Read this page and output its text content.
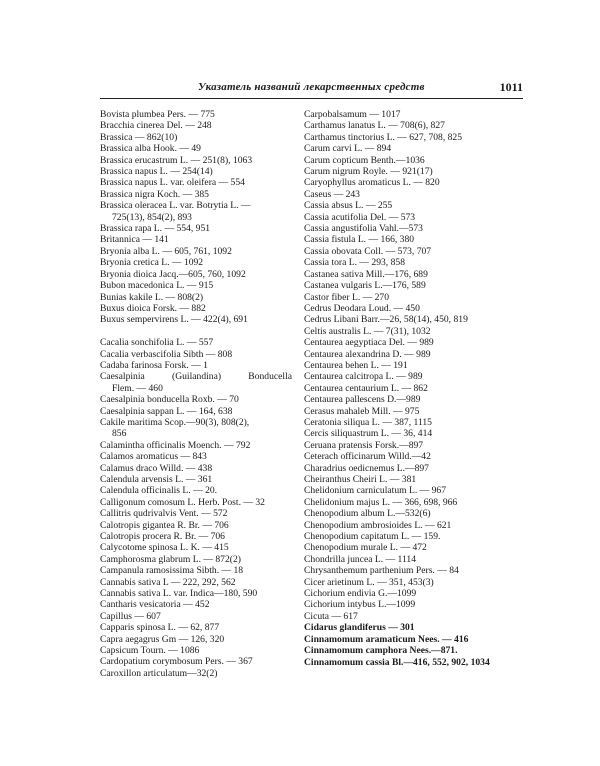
Указатель названий лекарственных средств	1011
Bovista plumbea Pers. — 775
Bracchia cinerea Del. — 248
Brassica — 862(10)
Brassica alba Hook. — 49
Brassica erucastrum L. — 251(8), 1063
Brassica napus L. — 254(14)
Brassica napus L. var. oleifera — 554
Brassica nigra Koch. — 385
Brassica oleracea L. var. Botrytia L. —
725(13), 854(2), 893
Brassica rapa L. — 554, 951
Britannica — 141
Bryonia alba L. — 605, 761, 1092
Bryonia cretica L. — 1092
Bryonia dioica Jacq.—605, 760, 1092
Bubon macedonica L. — 915
Bunias kakile L. — 808(2)
Buxus dioica Forsk. — 882
Buxus sempervirens L. — 422(4), 691
Cacalia sonchifolia L. — 557
Cacalia verbascifolia Sibth — 808
Cadaba farinosa Forsk. — 1
Caesalpinia	(Guilandina)	Bonducella
Flem. — 460
Caesalpinia bonducella Roxb. — 70
Caesalpinia sappan L. — 164, 638
Cakile maritima Scop.—90(3), 808(2),
856
Calamintha officinalis Moench. — 792
Calamos aromaticus — 843
Calamus draco Willd. — 438
Calendula arvensis L. — 361
Calendula officinalis L. — 20.
Calligonum comosum L. Herb. Post. — 32
Callitris qudrivalvis Vent. — 572
Calotropis gigantea R. Br. — 706
Calotropis procera R. Br. — 706
Calycotome spinosa L. K. — 415
Camphorosma glabrum L. — 872(2)
Campanula ramosissima Sibth. — 18
Cannabis sativa L — 222, 292, 562
Cannabis sativa L. var. Indica—180, 590
Cantharis vesicatoria — 452
Capillus — 607
Capparis spinosa L. — 62, 877
Capra aegagrus Gm — 126, 320
Capsicum Tourn. — 1086
Cardopatium corymbosum Pers. — 367
Caroxillon articulatum—32(2)
Carpobalsamum — 1017
Carthamus lanatus L. — 708(6), 827
Carthamus tinctorius L. — 627, 708, 825
Carum carvi L. — 894
Carum copticum Benth.—1036
Carum nigrum Royle. — 921(17)
Caryophyllus aromaticus L. — 820
Caseus — 243
Cassia absus L. — 255
Cassia acutifolia Del. — 573
Cassia angustifolia Vahl.—573
Cassia fistula L. — 166, 380
Cassia obovata Coll. — 573, 707
Cassia tora L. — 293, 858
Castanea sativa Mill.—176, 689
Castanea vulgaris L.—176, 589
Castor fiber L. — 270
Cedrus Deodara Loud. — 450
Cedrus Libani Barr.—26, 58(14), 450, 819
Celtis australis L. — 7(31), 1032
Centaurea aegyptiaca Del. — 989
Centaurea alexandrina D. — 989
Centaurea behen L. — 191
Centaurea calcitropa L. — 989
Centaurea centaurium L. — 862
Centaurea pallescens D.—989
Cerasus mahaleb Mill. — 975
Ceratonia siliqua L. — 387, 1115
Cercis siliquastrum L. — 36, 414
Ceruana pratensis Forsk.—897
Ceterach officinarum Willd.—42
Charadrius oedicnemus L.—897
Cheiranthus Cheiri L. — 381
Chelidonium carniculatum L. — 967
Chelidonium majus L. — 366, 698, 966
Chenopodium album L.—532(6)
Chenopodium ambrosioides L. — 621
Chenopodium capitatum L. — 159.
Chenopodium murale L. — 472
Chondrilla juncea L. — 1114
Chrysanthemum parthenium Pers. — 84
Cicer arietinum L. — 351, 453(3)
Cichorium endivia G.—1099
Cichorium intybus L.—1099
Cicuta — 617
Cidarus glandiferus — 301
Cinnamomum aramaticum Nees. — 416
Cinnamomum camphora Nees.—871.
Cinnamomum cassia Bl.—416, 552, 902, 1034
